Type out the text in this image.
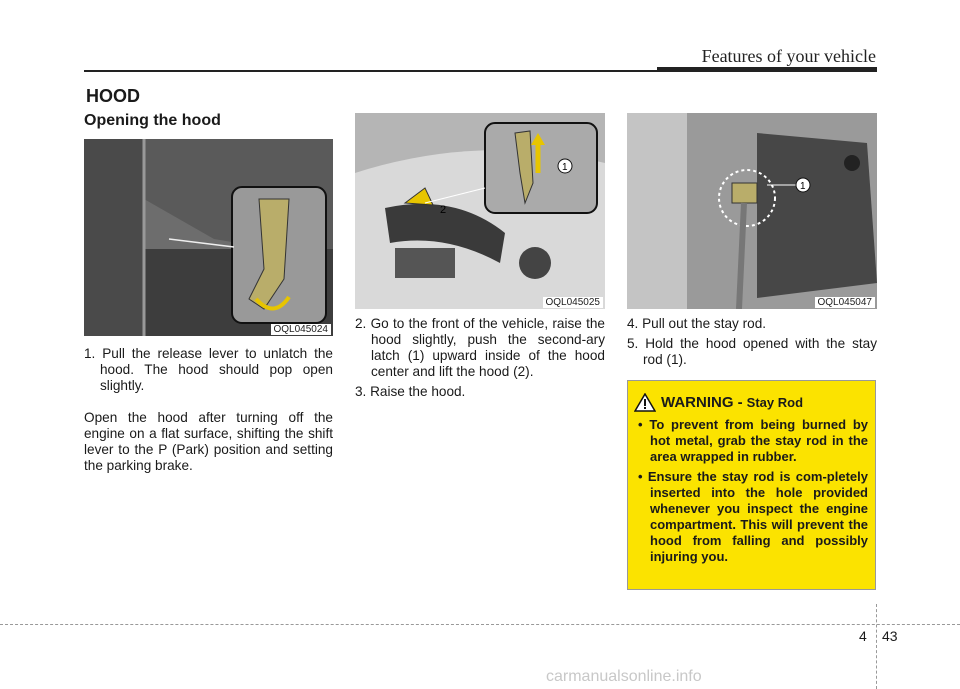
Features of your vehicle
HOOD
Opening the hood
OQL045024
1
2
OQL045025
1
OQL045047

1. Pull the release lever to unlatch the hood. The hood should pop open slightly.

Open the hood after turning off the engine on a flat surface, shifting the shift lever to the P (Park) position and setting the parking brake.

2. Go to the front of the vehicle, raise the hood slightly, push the second-ary latch (1) upward inside of the hood center and lift the hood (2).

3. Raise the hood.

4. Pull out the stay rod.

5. Hold the hood opened with the stay rod (1).

WARNING - Stay Rod
• To prevent from being burned by hot metal, grab the stay rod in the area wrapped in rubber.
• Ensure the stay rod is com-pletely inserted into the hole provided whenever you inspect the engine compartment. This will prevent the hood from falling and possibly injuring you.
4 43
carmanualsonline.info
